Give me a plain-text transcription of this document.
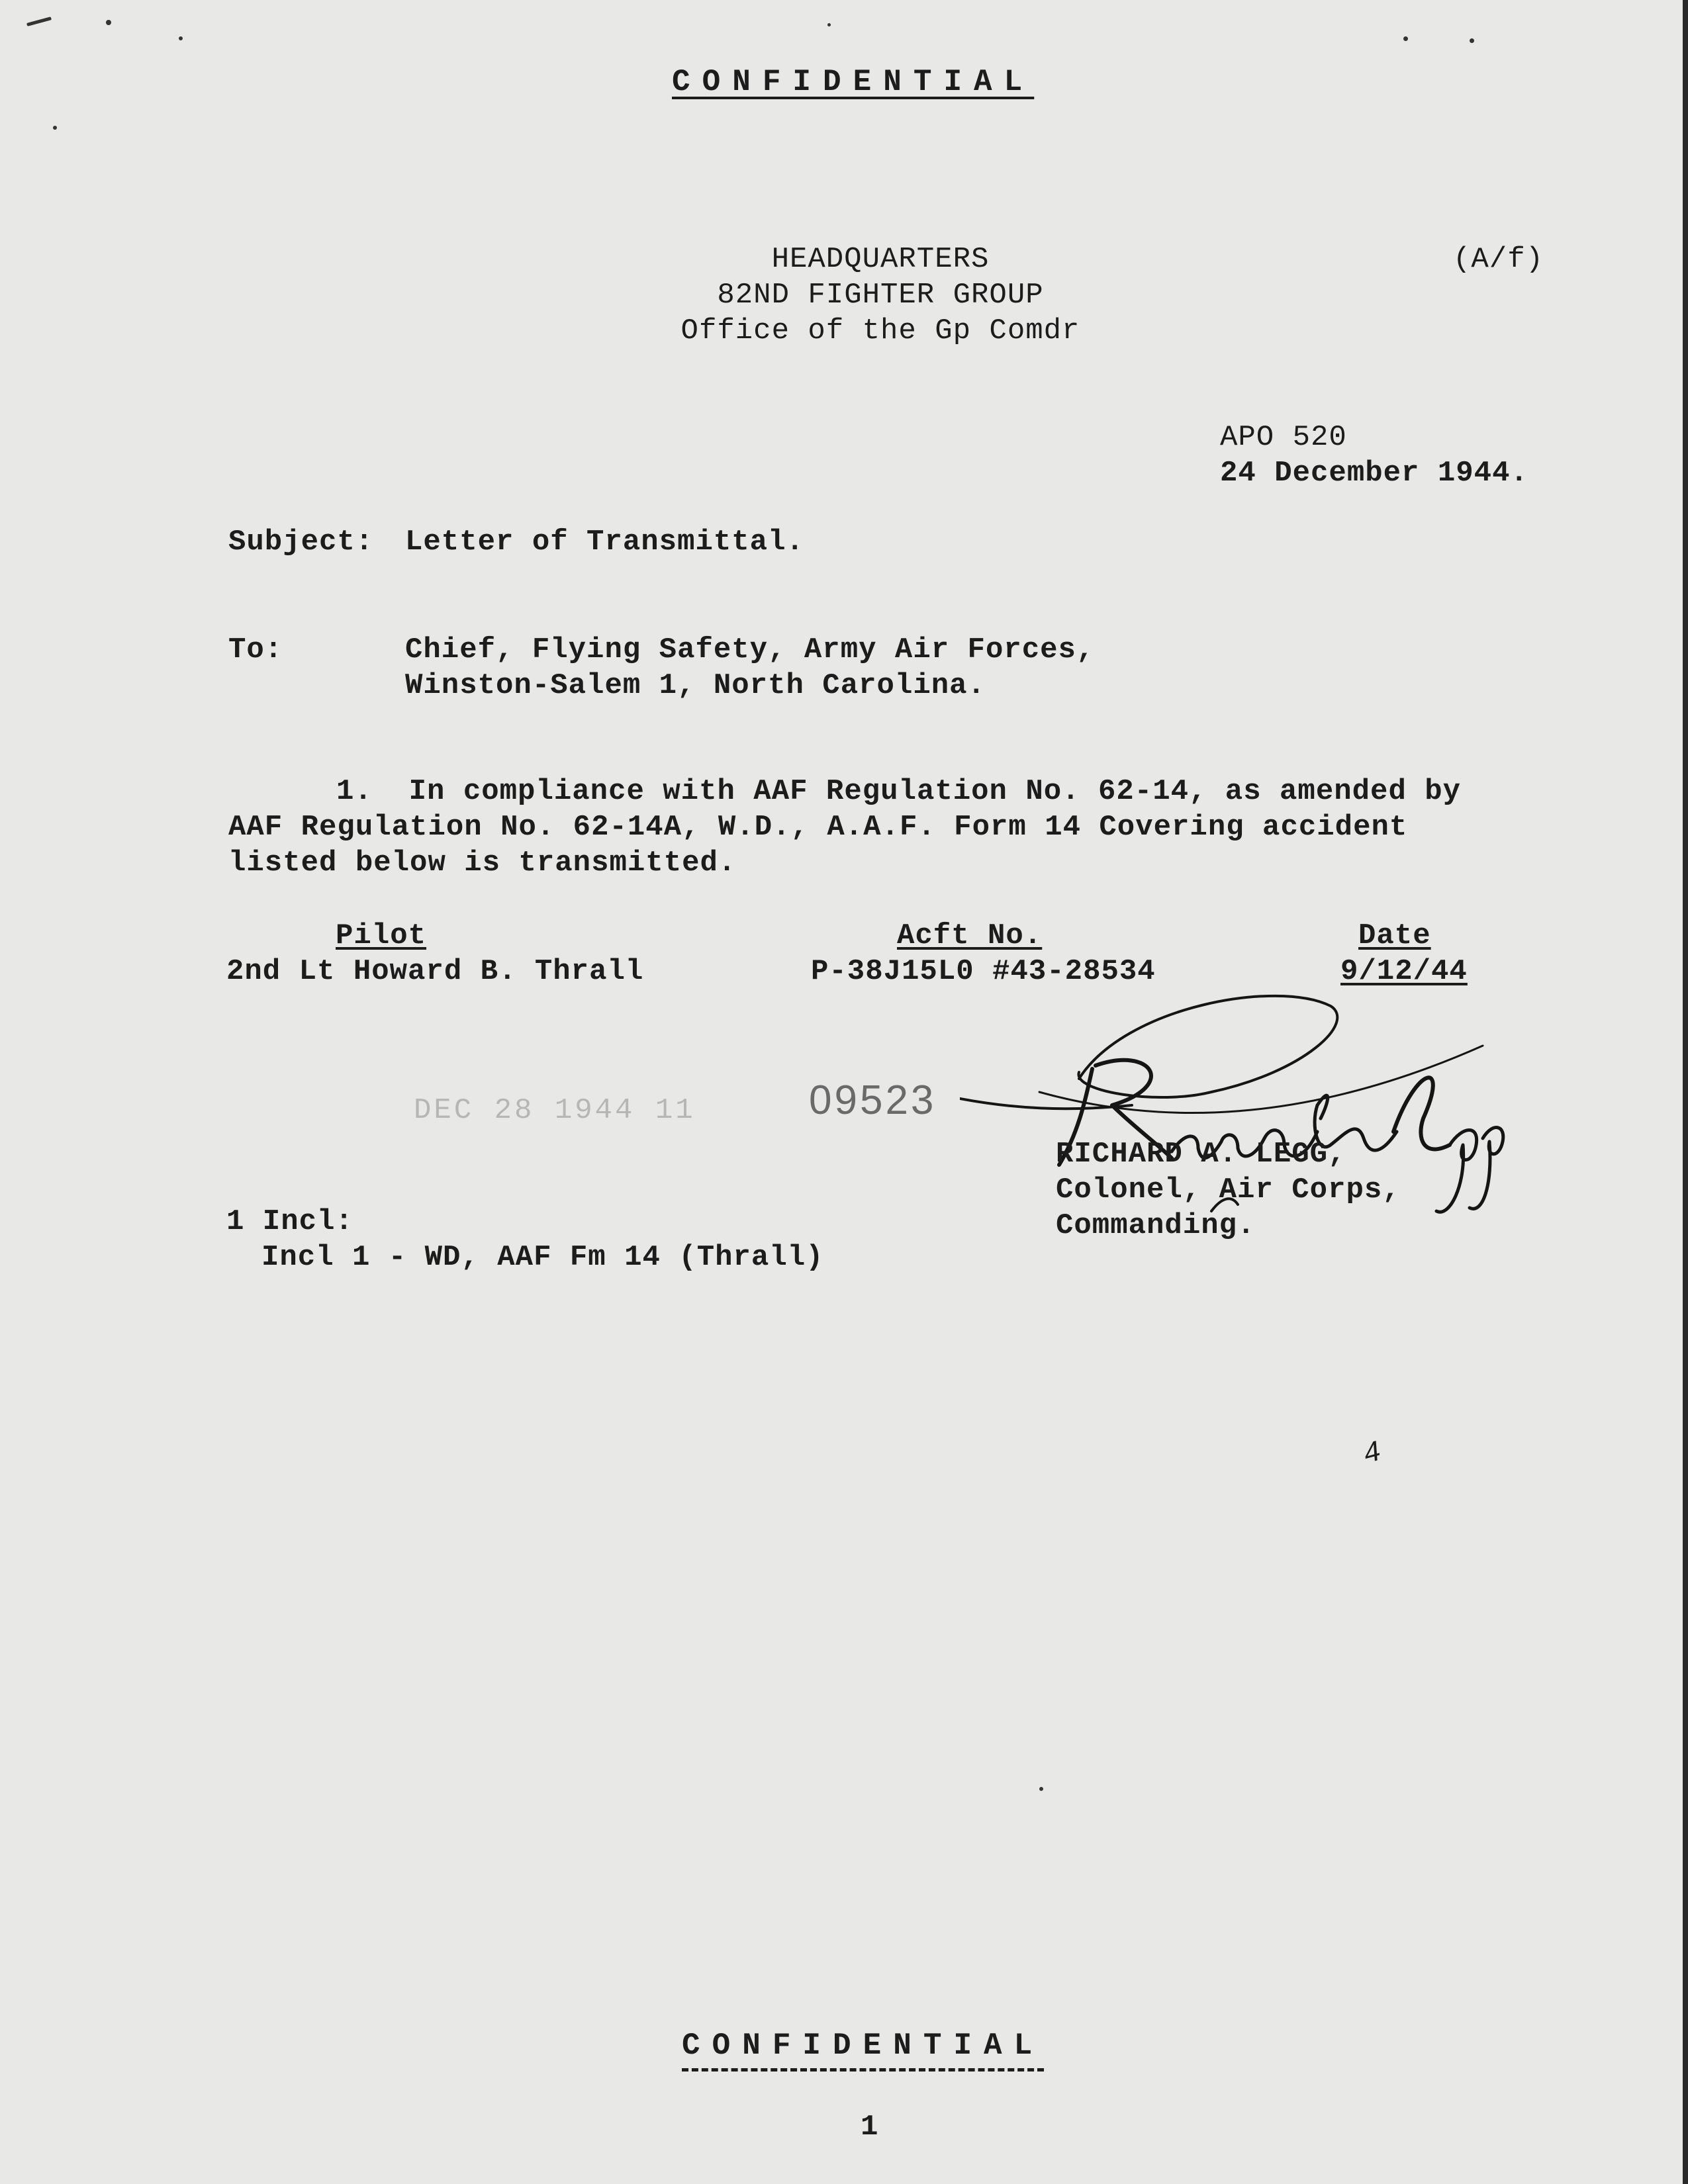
CONFIDENTIAL
HEADQUARTERS
82ND FIGHTER GROUP
Office of the Gp Comdr
(A/f)
APO 520
24 December 1944.
Subject: Letter of Transmittal.
To:	Chief, Flying Safety, Army Air Forces,
Winston-Salem 1, North Carolina.
1.  In compliance with AAF Regulation No. 62-14, as amended by
AAF Regulation No. 62-14A, W.D., A.A.F. Form 14 Covering accident
listed below is transmitted.
Pilot	Acft No.	Date
2nd Lt Howard B. Thrall	P-38J15L0 #43-28534	9/12/44
DEC 28 1944 11	09523
RICHARD A. LEGG,
Colonel, Air Corps,
Commanding.
1 Incl:
Incl 1 - WD, AAF Fm 14 (Thrall)
4
CONFIDENTIAL
1
